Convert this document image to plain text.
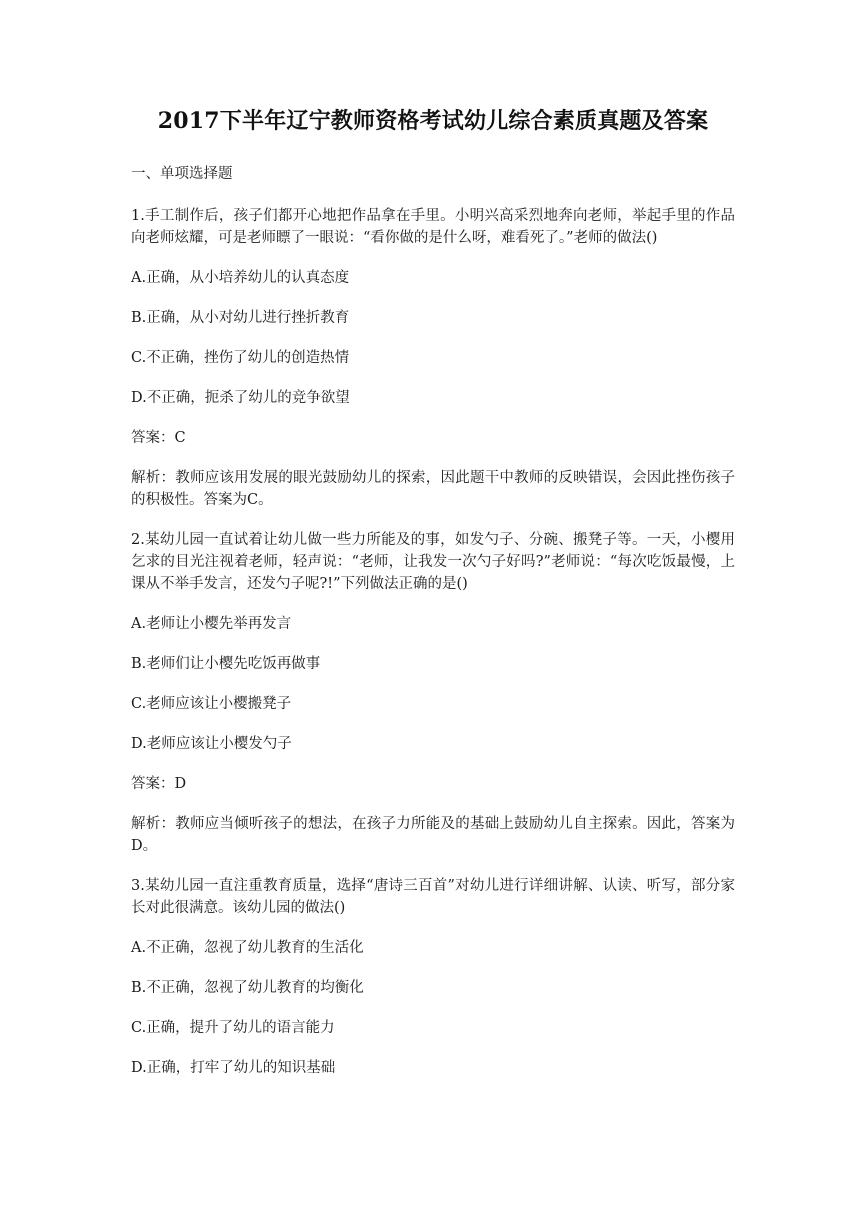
2017下半年辽宁教师资格考试幼儿综合素质真题及答案

一、单项选择题

1.手工制作后，孩子们都开心地把作品拿在手里。小明兴高采烈地奔向老师，举起手里的作品向老师炫耀，可是老师瞟了一眼说：“看你做的是什么呀，难看死了。”老师的做法()

A.正确，从小培养幼儿的认真态度

B.正确，从小对幼儿进行挫折教育

C.不正确，挫伤了幼儿的创造热情

D.不正确，扼杀了幼儿的竞争欲望

答案：C

解析：教师应该用发展的眼光鼓励幼儿的探索，因此题干中教师的反映错误，会因此挫伤孩子的积极性。答案为C。

2.某幼儿园一直试着让幼儿做一些力所能及的事，如发勺子、分碗、搬凳子等。一天，小樱用乞求的目光注视着老师，轻声说：“老师，让我发一次勺子好吗?”老师说：“每次吃饭最慢，上课从不举手发言，还发勺子呢?!”下列做法正确的是()

A.老师让小樱先举再发言

B.老师们让小樱先吃饭再做事

C.老师应该让小樱搬凳子

D.老师应该让小樱发勺子

答案：D

解析：教师应当倾听孩子的想法，在孩子力所能及的基础上鼓励幼儿自主探索。因此，答案为D。

3.某幼儿园一直注重教育质量，选择“唐诗三百首”对幼儿进行详细讲解、认读、听写，部分家长对此很满意。该幼儿园的做法()

A.不正确，忽视了幼儿教育的生活化

B.不正确，忽视了幼儿教育的均衡化

C.正确，提升了幼儿的语言能力

D.正确，打牢了幼儿的知识基础
